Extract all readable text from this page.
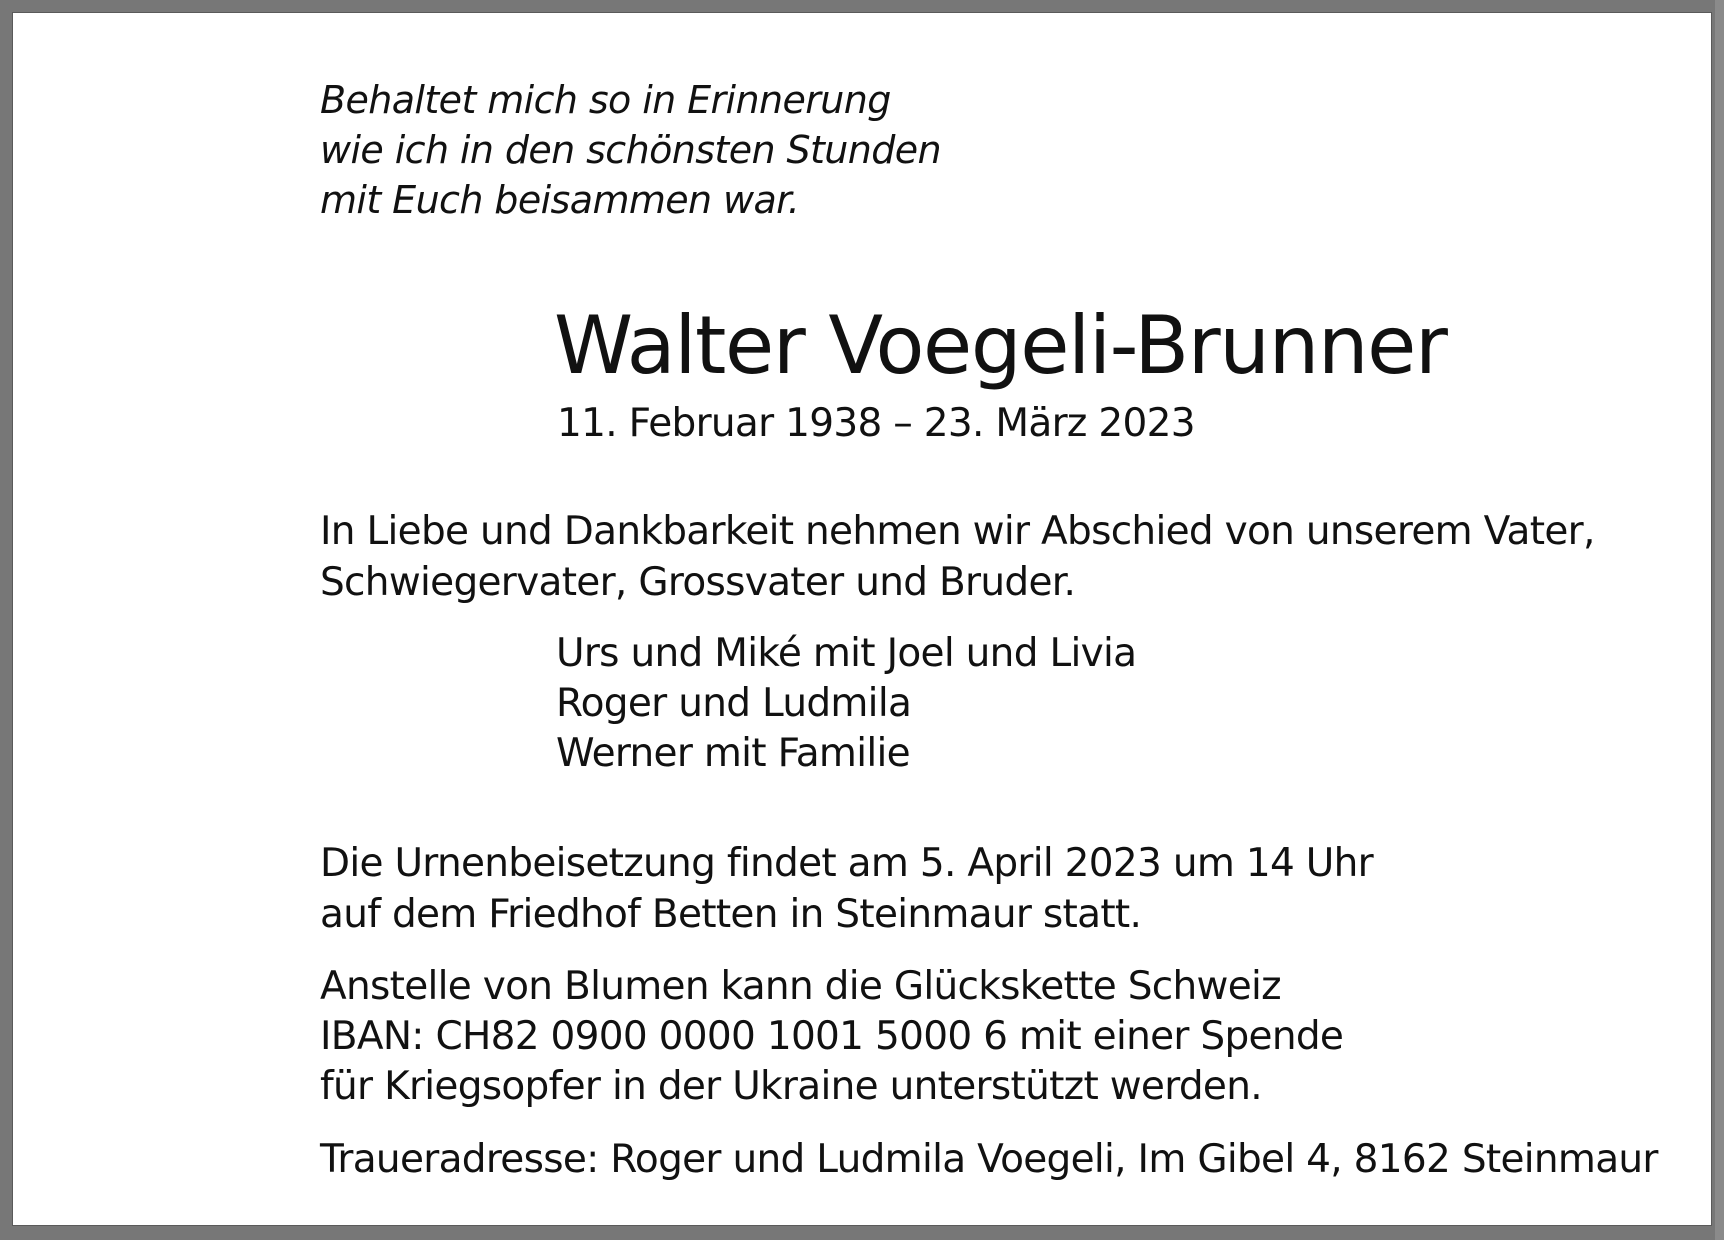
Behaltet mich so in Erinnerung
wie ich in den schönsten Stunden
mit Euch beisammen war.

Walter Voegeli-Brunner

11. Februar 1938 – 23. März 2023

In Liebe und Dankbarkeit nehmen wir Abschied von unserem Vater,
Schwiegervater, Grossvater und Bruder.

Urs und Miké mit Joel und Livia
Roger und Ludmila
Werner mit Familie

Die Urnenbeisetzung findet am 5. April 2023 um 14 Uhr
auf dem Friedhof Betten in Steinmaur statt.

Anstelle von Blumen kann die Glückskette Schweiz
IBAN: CH82 0900 0000 1001 5000 6 mit einer Spende
für Kriegsopfer in der Ukraine unterstützt werden.

Traueradresse: Roger und Ludmila Voegeli, Im Gibel 4, 8162 Steinmaur
